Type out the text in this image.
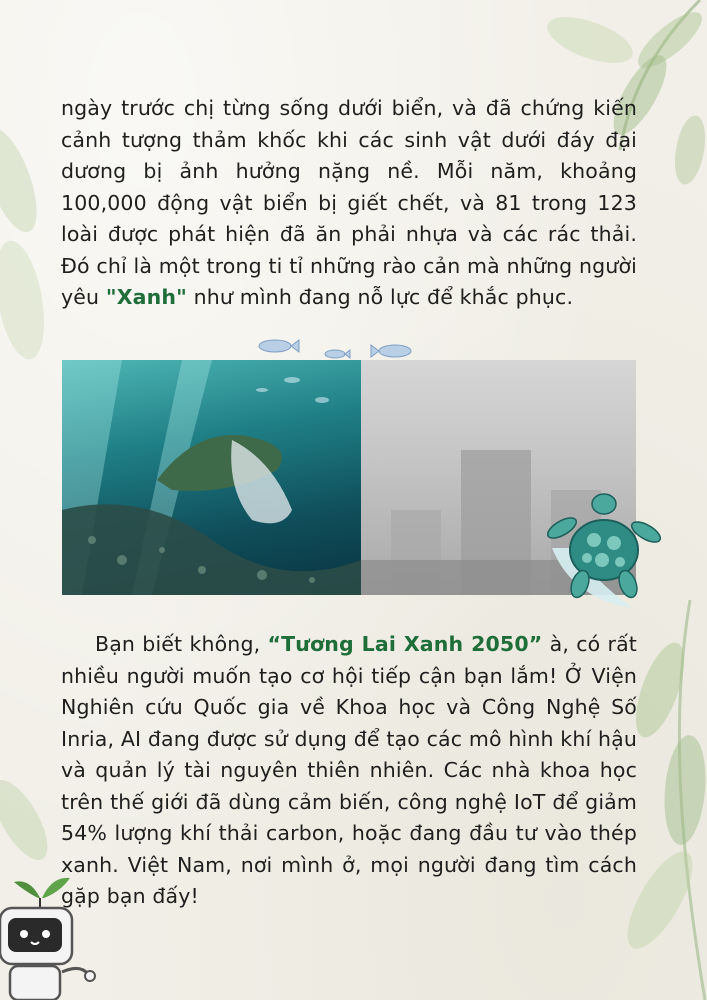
ngày trước chị từng sống dưới biển, và đã chứng kiến cảnh tượng thảm khốc khi các sinh vật dưới đáy đại dương bị ảnh hưởng nặng nề. Mỗi năm, khoảng 100,000 động vật biển bị giết chết, và 81 trong 123 loài được phát hiện đã ăn phải nhựa và các rác thải. Đó chỉ là một trong ti tỉ những rào cản mà những người yêu "Xanh" như mình đang nỗ lực để khắc phục.
Bạn biết không, “Tương Lai Xanh 2050” à, có rất nhiều người muốn tạo cơ hội tiếp cận bạn lắm! Ở Viện Nghiên cứu Quốc gia về Khoa học và Công Nghệ Số Inria, AI đang được sử dụng để tạo các mô hình khí hậu và quản lý tài nguyên thiên nhiên. Các nhà khoa học trên thế giới đã dùng cảm biến, công nghệ IoT để giảm 54% lượng khí thải carbon, hoặc đang đầu tư vào thép xanh. Việt Nam, nơi mình ở, mọi người đang tìm cách gặp bạn đấy!
